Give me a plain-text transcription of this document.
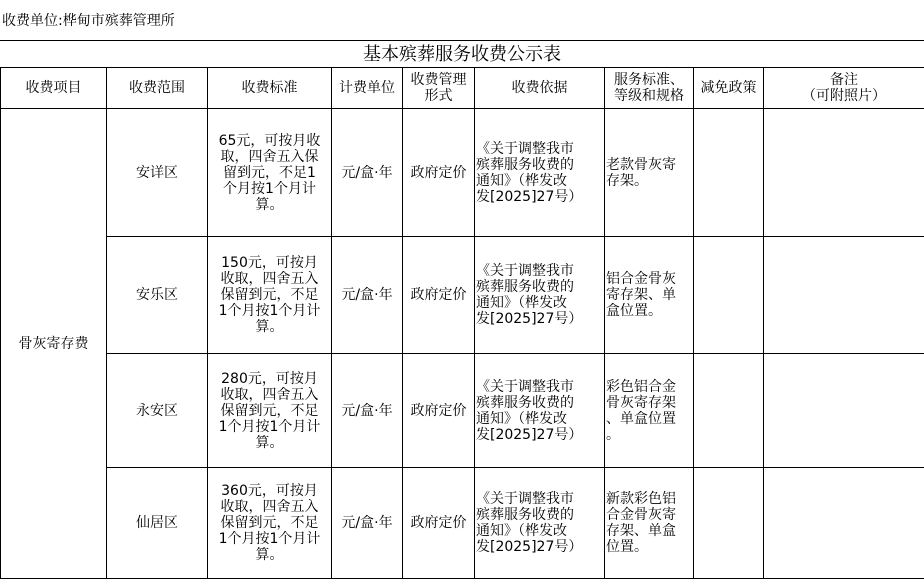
收费单位:桦甸市殡葬管理所
基本殡葬服务收费公示表
收费项目	收费范围	收费标准	计费单位	收费管理
形式	收费依据	服务标准、
等级和规格	减免政策	备注
（可附照片）

骨灰寄存费	安详区	65元，可按月收
取，四舍五入保
留到元，不足1
个月按1个月计
算。	元/盒·年	政府定价	《关于调整我市
殡葬服务收费的
通知》（桦发改
发[2025]27号）	老款骨灰寄
存架。		

	安乐区	150元，可按月
收取，四舍五入
保留到元，不足
1个月按1个月计
算。	元/盒·年	政府定价	《关于调整我市
殡葬服务收费的
通知》（桦发改
发[2025]27号）	铝合金骨灰
寄存架、单
盒位置。		

	永安区	280元，可按月
收取，四舍五入
保留到元，不足
1个月按1个月计
算。	元/盒·年	政府定价	《关于调整我市
殡葬服务收费的
通知》（桦发改
发[2025]27号）	彩色铝合金
骨灰寄存架
、单盒位置
。		

	仙居区	360元，可按月
收取，四舍五入
保留到元，不足
1个月按1个月计
算。	元/盒·年	政府定价	《关于调整我市
殡葬服务收费的
通知》（桦发改
发[2025]27号）	新款彩色铝
合金骨灰寄
存架、单盒
位置。		
